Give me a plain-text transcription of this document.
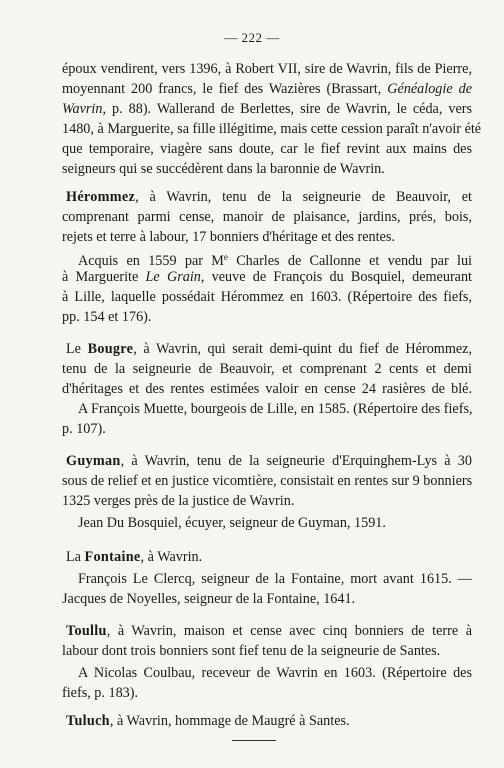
— 222 —
époux vendirent, vers 1396, à Robert VII, sire de Wavrin, fils de Pierre,
moyennant 200 francs, le fief des Wazières (Brassart, Généalogie de
Wavrin, p. 88). Wallerand de Berlettes, sire de Wavrin, le céda, vers
1480, à Marguerite, sa fille illégitime, mais cette cession paraît n'avoir été
que temporaire, viagère sans doute, car le fief revint aux mains des
seigneurs qui se succédèrent dans la baronnie de Wavrin.
Hérommez, à Wavrin, tenu de la seigneurie de Beauvoir, et
comprenant parmi cense, manoir de plaisance, jardins, prés, bois,
rejets et terre à labour, 17 bonniers d'héritage et des rentes.
Acquis en 1559 par Me Charles de Callonne et vendu par lui
à Marguerite Le Grain, veuve de François du Bosquiel, demeurant
à Lille, laquelle possédait Hérommez en 1603. (Répertoire des fiefs,
pp. 154 et 176).
Le Bougre, à Wavrin, qui serait demi-quint du fief de Hérommez,
tenu de la seigneurie de Beauvoir, et comprenant 2 cents et demi
d'héritages et des rentes estimées valoir en cense 24 rasières de blé.
A François Muette, bourgeois de Lille, en 1585. (Répertoire des fiefs,
p. 107).
Guyman, à Wavrin, tenu de la seigneurie d'Erquinghem-Lys à 30
sous de relief et en justice vicomtière, consistait en rentes sur 9 bonniers
1325 verges près de la justice de Wavrin.
Jean Du Bosquiel, écuyer, seigneur de Guyman, 1591.
La Fontaine, à Wavrin.
François Le Clercq, seigneur de la Fontaine, mort avant 1615. —
Jacques de Noyelles, seigneur de la Fontaine, 1641.
Toullu, à Wavrin, maison et cense avec cinq bonniers de terre à
labour dont trois bonniers sont fief tenu de la seigneurie de Santes.
A Nicolas Coulbau, receveur de Wavrin en 1603. (Répertoire des
fiefs, p. 183).
Tuluch, à Wavrin, hommage de Maugré à Santes.
